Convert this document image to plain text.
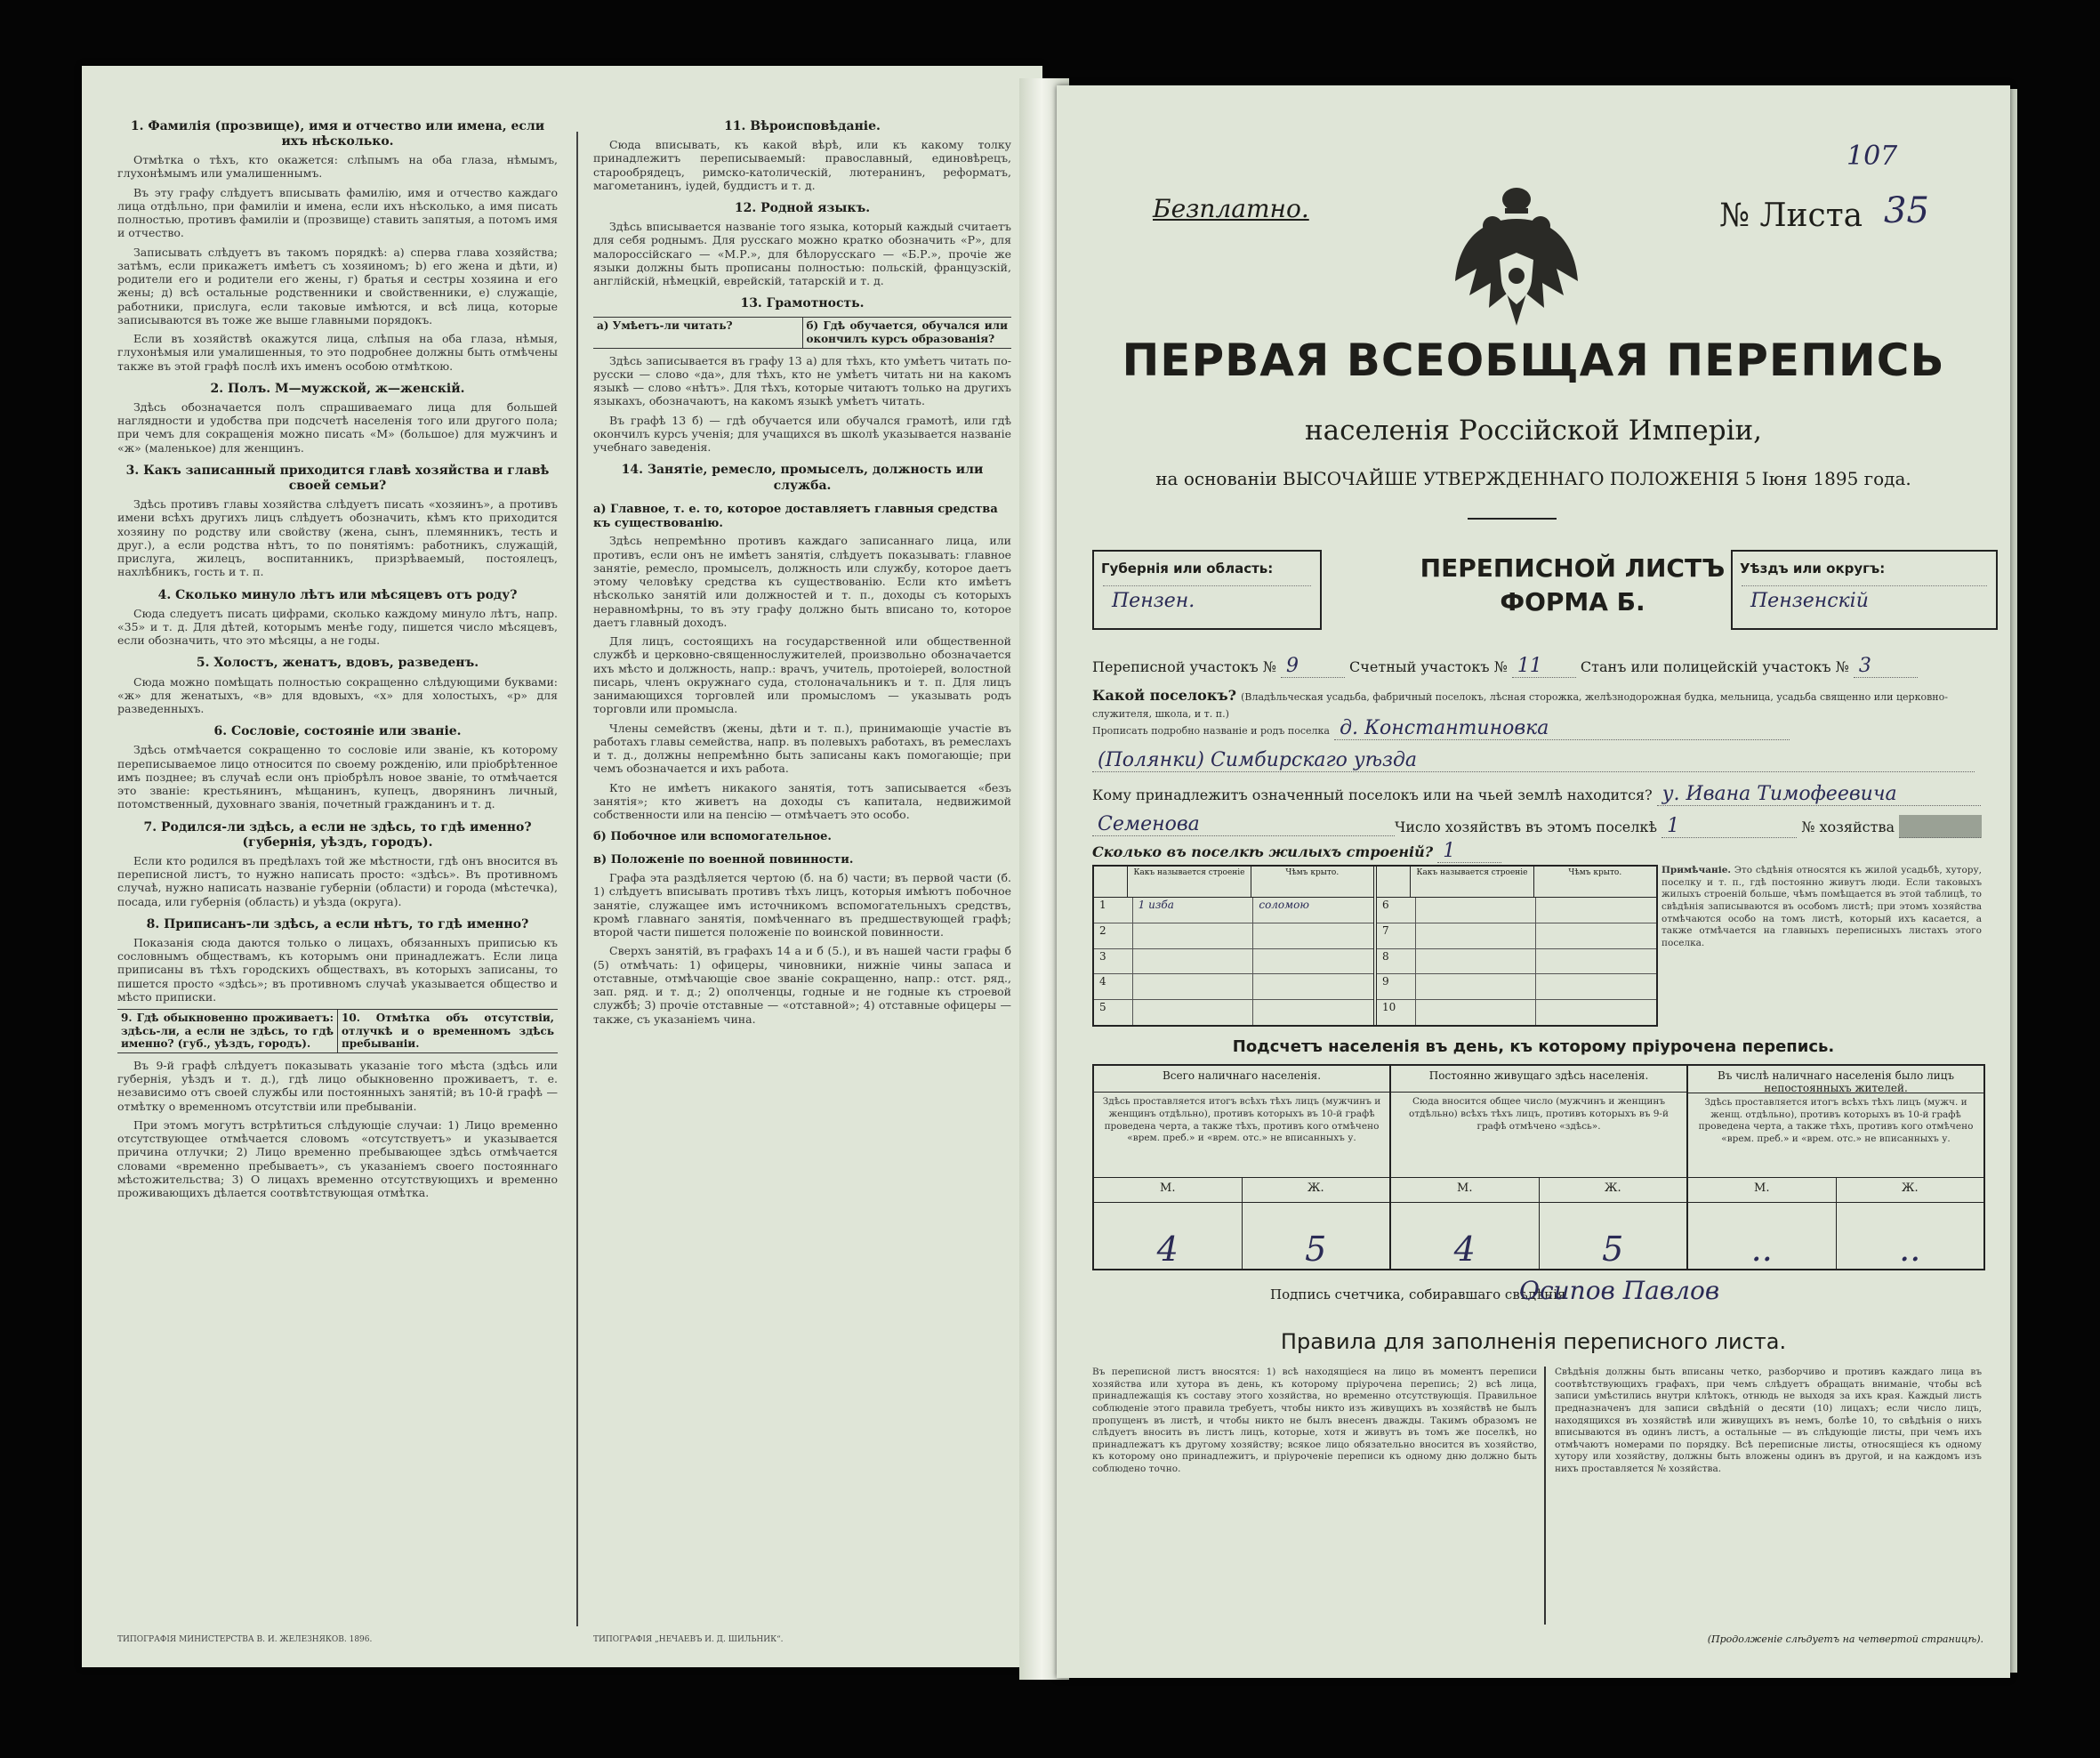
1. Фамилія (прозвище), имя и отчество или имена, если ихъ нѣсколько.

Отмѣтка о тѣхъ, кто окажется: слѣпымъ на оба глаза, нѣмымъ, глухонѣмымъ или умалишеннымъ.

Въ эту графу слѣдуетъ вписывать фамилію, имя и отчество каждаго лица отдѣльно, при фамиліи и имена, если ихъ нѣсколько, а имя писать полностью, противъ фамиліи и (прозвище) ставить запятыя, а потомъ имя и отчество.

Записывать слѣдуетъ въ такомъ порядкѣ: a) сперва глава хозяйства; затѣмъ, если прикажетъ имѣетъ съ хозяиномъ; b) его жена и дѣти, и) родители его и родители его жены, г) братья и сестры хозяина и его жены; д) всѣ остальные родственники и свойственники, е) служащіе, работники, прислуга, если таковые имѣются, и всѣ лица, которые записываются въ тоже же выше главными порядокъ.

Если въ хозяйствѣ окажутся лица, слѣпыя на оба глаза, нѣмыя, глухонѣмыя или умалишенныя, то это подробнее должны быть отмѣчены также въ этой графѣ послѣ ихъ именъ особою отмѣткою.

2. Полъ. М—мужской, ж—женскій.

Здѣсь обозначается полъ спрашиваемаго лица для большей наглядности и удобства при подсчетѣ населенія того или другого пола; при чемъ для сокращенія можно писать «М» (большое) для мужчинъ и «ж» (маленькое) для женщинъ.

3. Какъ записанный приходится главѣ хозяйства и главѣ своей семьи?

Здѣсь противъ главы хозяйства слѣдуетъ писать «хозяинъ», а противъ имени всѣхъ другихъ лицъ слѣдуетъ обозначить, кѣмъ кто приходится хозяину по родству или свойству (жена, сынъ, племянникъ, тесть и друг.), а если родства нѣтъ, то по понятіямъ: работникъ, служащій, прислуга, жилецъ, воспитанникъ, призрѣваемый, постоялецъ, нахлѣбникъ, гость и т. п.

4. Сколько минуло лѣтъ или мѣсяцевъ отъ роду?

Сюда следуетъ писать цифрами, сколько каждому минуло лѣтъ, напр. «35» и т. д. Для дѣтей, которымъ менѣе году, пишется число мѣсяцевъ, если обозначить, что это мѣсяцы, а не годы.

5. Холостъ, женатъ, вдовъ, разведенъ.

Сюда можно помѣщать полностью сокращенно слѣдующими буквами: «ж» для женатыхъ, «в» для вдовыхъ, «х» для холостыхъ, «р» для разведенныхъ.

6. Сословіе, состояніе или званіе.

Здѣсь отмѣчается сокращенно то сословіе или званіе, къ которому переписываемое лицо относится по своему рожденію, или пріобрѣтенное имъ позднее; въ случаѣ если онъ пріобрѣлъ новое званіе, то отмѣчается это званіе: крестьянинъ, мѣщанинъ, купецъ, дворянинъ личный, потомственный, духовнаго званія, почетный гражданинъ и т. д.

7. Родился-ли здѣсь, а если не здѣсь, то гдѣ именно? (губернія, уѣздъ, городъ).

Если кто родился въ предѣлахъ той же мѣстности, гдѣ онъ вносится въ переписной листъ, то нужно написать просто: «здѣсь». Въ противномъ случаѣ, нужно написать названіе губерніи (области) и города (мѣстечка), посада, или губернія (область) и уѣзда (округа).

8. Приписанъ-ли здѣсь, а если нѣтъ, то гдѣ именно?

Показанія сюда даются только о лицахъ, обязанныхъ приписью къ сословнымъ обществамъ, къ которымъ они принадлежатъ. Если лица приписаны въ тѣхъ городскихъ обществахъ, въ которыхъ записаны, то пишется просто «здѣсь»; въ противномъ случаѣ указывается общество и мѣсто приписки.

9. Гдѣ обыкновенно проживаетъ: здѣсь-ли, а если не здѣсь, то гдѣ именно? (губ., уѣздъ, городъ).
10. Отмѣтка объ отсутствіи, отлучкѣ и о временномъ здѣсь пребываніи.

Въ 9-й графѣ слѣдуетъ показывать указаніе того мѣста (здѣсь или губернія, уѣздъ и т. д.), гдѣ лицо обыкновенно проживаетъ, т. е. независимо отъ своей службы или постоянныхъ занятій; въ 10-й графѣ — отмѣтку о временномъ отсутствіи или пребываніи.

При этомъ могутъ встрѣтиться слѣдующіе случаи: 1) Лицо временно отсутствующее отмѣчается словомъ «отсутствуетъ» и указывается причина отлучки; 2) Лицо временно пребывающее здѣсь отмѣчается словами «временно пребываетъ», съ указаніемъ своего постояннаго мѣстожительства; 3) О лицахъ временно отсутствующихъ и временно проживающихъ дѣлается соотвѣтствующая отмѣтка.

11. Вѣроисповѣданіе.

Сюда вписывать, къ какой вѣрѣ, или къ какому толку принадлежитъ переписываемый: православный, единовѣрецъ, старообрядецъ, римско-католическій, лютеранинъ, реформатъ, магометанинъ, іудей, буддистъ и т. д.

12. Родной языкъ.

Здѣсь вписывается названіе того языка, который каждый считаетъ для себя роднымъ. Для русскаго можно кратко обозначить «Р», для малороссійскаго — «М.Р.», для бѣлорусскаго — «Б.Р.», прочіе же языки должны быть прописаны полностью: польскій, французскій, англійскій, нѣмецкій, еврейскій, татарскій и т. д.

13. Грамотность.
а) Умѣетъ-ли читать?	б) Гдѣ обучается, обучался или окончилъ курсъ образованія?

Здѣсь записывается въ графу 13 а) для тѣхъ, кто умѣетъ читать по-русски — слово «да», для тѣхъ, кто не умѣетъ читать ни на какомъ языкѣ — слово «нѣтъ». Для тѣхъ, которые читаютъ только на другихъ языкахъ, обозначаютъ, на какомъ языкѣ умѣетъ читать.

Въ графѣ 13 б) — гдѣ обучается или обучался грамотѣ, или гдѣ окончилъ курсъ ученія; для учащихся въ школѣ указывается названіе учебнаго заведенія.

14. Занятіе, ремесло, промыселъ, должность или служба.
а) Главное, т. е. то, которое доставляетъ главныя средства къ существованію.

Здѣсь непремѣнно противъ каждаго записаннаго лица, или противъ, если онъ не имѣетъ занятія, слѣдуетъ показывать: главное занятіе, ремесло, промыселъ, должность или службу, которое даетъ этому человѣку средства къ существованію. Если кто имѣетъ нѣсколько занятій или должностей и т. п., доходы съ которыхъ неравномѣрны, то въ эту графу должно быть вписано то, которое даетъ главный доходъ.

Для лицъ, состоящихъ на государственной или общественной службѣ и церковно-священнослужителей, произвольно обозначается ихъ мѣсто и должность, напр.: врачъ, учитель, протоіерей, волостной писарь, членъ окружнаго суда, столоначальникъ и т. п. Для лицъ занимающихся торговлей или промысломъ — указывать родъ торговли или промысла.

Члены семействъ (жены, дѣти и т. п.), принимающіе участіе въ работахъ главы семейства, напр. въ полевыхъ работахъ, въ ремеслахъ и т. д., должны непремѣнно быть записаны какъ помогающіе; при чемъ обозначается и ихъ работа.

Кто не имѣетъ никакого занятія, тотъ записывается «безъ занятія»; кто живетъ на доходы съ капитала, недвижимой собственности или на пенсію — отмѣчаетъ это особо.

б) Побочное или вспомогательное.
в) Положеніе по военной повинности.

Графа эта раздѣляется чертою (б. на б) части; въ первой части (б. 1) слѣдуетъ вписывать противъ тѣхъ лицъ, которыя имѣютъ побочное занятіе, служащее имъ источникомъ вспомогательныхъ средствъ, кромѣ главнаго занятія, помѣченнаго въ предшествующей графѣ; второй части пишется положеніе по воинской повинности.

Сверхъ занятій, въ графахъ 14 а и б (5.), и въ нашей части графы б (5) отмѣчать: 1) офицеры, чиновники, нижніе чины запаса и отставные, отмѣчающіе свое званіе сокращенно, напр.: отст. ряд., зап. ряд. и т. д.; 2) ополченцы, годные и не годные къ строевой службѣ; 3) прочіе отставные — «отставной»; 4) отставные офицеры — также, съ указаніемъ чина.

ТИПОГРАФІЯ МИНИСТЕРСТВА В. И. ЖЕЛЕЗНЯКОВ. 1896.	ТИПОГРАФІЯ „НЕЧАЕВЪ И. Д. ШИЛЬНИК“.
107
Безплатно.	№ Листа 35
ПЕРВАЯ ВСЕОБЩАЯ ПЕРЕПИСЬ
населенія Россійской Имперіи,
на основаніи ВЫСОЧАЙШЕ УТВЕРЖДЕННАГО ПОЛОЖЕНІЯ 5 Іюня 1895 года.
Губернія или область:
Пензен.
ПЕРЕПИСНОЙ ЛИСТЪ
ФОРМА Б.
Уѣздъ или округъ:
Пензенскій
Переписной участокъ № 9	Счетный участокъ № 11	Станъ или полицейскій участокъ № 3
Какой поселокъ? (Владѣльческая усадьба, фабричный поселокъ, лѣсная сторожка, желѣзнодорожная будка, мельница, усадьба священно или церковно-служителя, школа, и т. п.)
Прописать подробно названіе и родъ поселка д. Константиновка
(Полянки) Симбирскаго уѣзда
Кому принадлежитъ означенный поселокъ или на чьей землѣ находится? у. Ивана Тимофеевича
Семенова	Число хозяйствъ въ этомъ поселкѣ 1	№ хозяйства
Сколько въ поселкѣ жилыхъ строеній? 1
Какъ называется строеніе	Чѣмъ крыто.
1	1 изба	соломою
2
3
4
5
Какъ называется строеніе	Чѣмъ крыто.
6
7
8
9
10
Примѣчаніе. Это сѣдѣнія относятся къ жилой усадьбѣ, хутору, поселку и т. п., гдѣ постоянно живутъ люди. Если таковыхъ жилыхъ строеній больше, чѣмъ помѣщается въ этой таблицѣ, то свѣдѣнія записываются въ особомъ листѣ; при этомъ хозяйства отмѣчаются особо на томъ листѣ, который ихъ касается, а также отмѣчается на главныхъ переписныхъ листахъ этого поселка.
Подсчетъ населенія въ день, къ которому пріурочена перепись.
Всего наличнаго населенія.
Здѣсь проставляется итогъ всѣхъ тѣхъ лицъ (мужчинъ и женщинъ отдѣльно), противъ которыхъ въ 10-й графѣ проведена черта, а также тѣхъ, противъ кого отмѣчено «врем. преб.» и «врем. отс.» не вписанныхъ у.
М.	Ж.
4	5
Постоянно живущаго здѣсь населенія.
Сюда вносится общее число (мужчинъ и женщинъ отдѣльно) всѣхъ тѣхъ лицъ, противъ которыхъ въ 9-й графѣ отмѣчено «здѣсь».
М.	Ж.
4	5
Въ числѣ наличнаго населенія было лицъ непостоянныхъ жителей.
Здѣсь проставляется итогъ всѣхъ тѣхъ лицъ (мужч. и женщ. отдѣльно), противъ которыхъ въ 10-й графѣ проведена черта, а также тѣхъ, противъ кого отмѣчено «врем. преб.» и «врем. отс.» не вписанныхъ у.
М.	Ж.
..	..
Подпись счетчика, собиравшаго свѣдѣнія
Осипов Павлов
Правила для заполненія переписного листа.
Въ переписной листъ вносятся: 1) всѣ находящіеся на лицо въ моментъ переписи хозяйства или хутора въ день, къ которому пріурочена перепись; 2) всѣ лица, принадлежащія къ составу этого хозяйства, но временно отсутствующія. Правильное соблюденіе этого правила требуетъ, чтобы никто изъ живущихъ въ хозяйствѣ не былъ пропущенъ въ листѣ, и чтобы никто не былъ внесенъ дважды. Такимъ образомъ не слѣдуетъ вносить въ листъ лицъ, которые, хотя и живутъ въ томъ же поселкѣ, но принадлежатъ къ другому хозяйству; всякое лицо обязательно вносится въ хозяйство, къ которому оно принадлежитъ, и пріуроченіе переписи къ одному дню должно быть соблюдено точно.
Свѣдѣнія должны быть вписаны четко, разборчиво и противъ каждаго лица въ соотвѣтствующихъ графахъ, при чемъ слѣдуетъ обращать вниманіе, чтобы всѣ записи умѣстились внутри клѣтокъ, отнюдь не выходя за ихъ края. Каждый листъ предназначенъ для записи свѣдѣній о десяти (10) лицахъ; если число лицъ, находящихся въ хозяйствѣ или живущихъ въ немъ, болѣе 10, то свѣдѣнія о нихъ вписываются въ одинъ листъ, а остальные — въ слѣдующіе листы, при чемъ ихъ отмѣчаютъ номерами по порядку. Всѣ переписные листы, относящіеся къ одному хутору или хозяйству, должны быть вложены одинъ въ другой, и на каждомъ изъ нихъ проставляется № хозяйства.
(Продолженіе слѣдуетъ на четвертой страницѣ).
